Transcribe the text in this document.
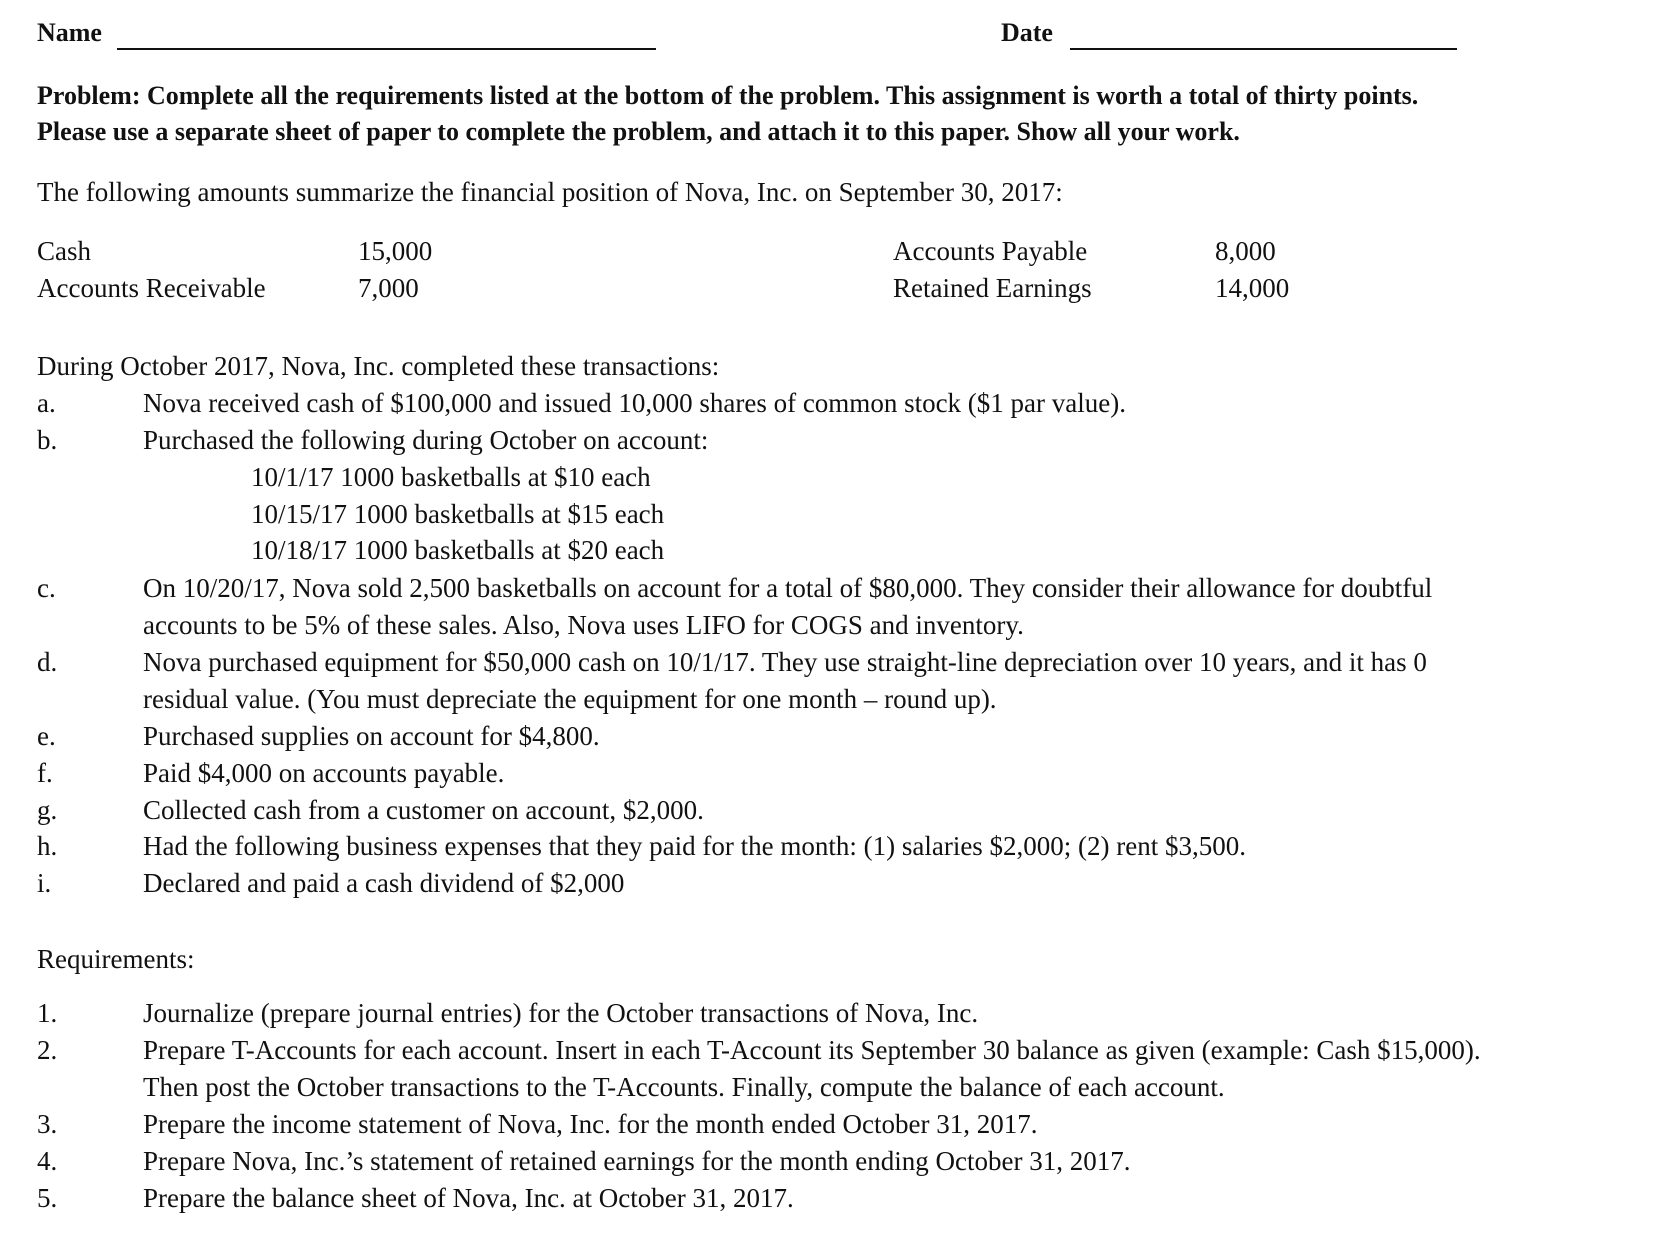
Name	Date
Problem: Complete all the requirements listed at the bottom of the problem. This assignment is worth a total of thirty points.
Please use a separate sheet of paper to complete the problem, and attach it to this paper. Show all your work.
The following amounts summarize the financial position of Nova, Inc. on September 30, 2017:
Cash	15,000	Accounts Payable	8,000
Accounts Receivable	7,000	Retained Earnings	14,000
During October 2017, Nova, Inc. completed these transactions:
a.	Nova received cash of $100,000 and issued 10,000 shares of common stock ($1 par value).
b.	Purchased the following during October on account:
10/1/17 1000 basketballs at $10 each
10/15/17 1000 basketballs at $15 each
10/18/17 1000 basketballs at $20 each
c.	On 10/20/17, Nova sold 2,500 basketballs on account for a total of $80,000. They consider their allowance for doubtful
accounts to be 5% of these sales. Also, Nova uses LIFO for COGS and inventory.
d.	Nova purchased equipment for $50,000 cash on 10/1/17. They use straight-line depreciation over 10 years, and it has 0
residual value. (You must depreciate the equipment for one month – round up).
e.	Purchased supplies on account for $4,800.
f.	Paid $4,000 on accounts payable.
g.	Collected cash from a customer on account, $2,000.
h.	Had the following business expenses that they paid for the month: (1) salaries $2,000; (2) rent $3,500.
i.	Declared and paid a cash dividend of $2,000
Requirements:
1.	Journalize (prepare journal entries) for the October transactions of Nova, Inc.
2.	Prepare T-Accounts for each account. Insert in each T-Account its September 30 balance as given (example: Cash $15,000).
Then post the October transactions to the T-Accounts. Finally, compute the balance of each account.
3.	Prepare the income statement of Nova, Inc. for the month ended October 31, 2017.
4.	Prepare Nova, Inc.’s statement of retained earnings for the month ending October 31, 2017.
5.	Prepare the balance sheet of Nova, Inc. at October 31, 2017.
